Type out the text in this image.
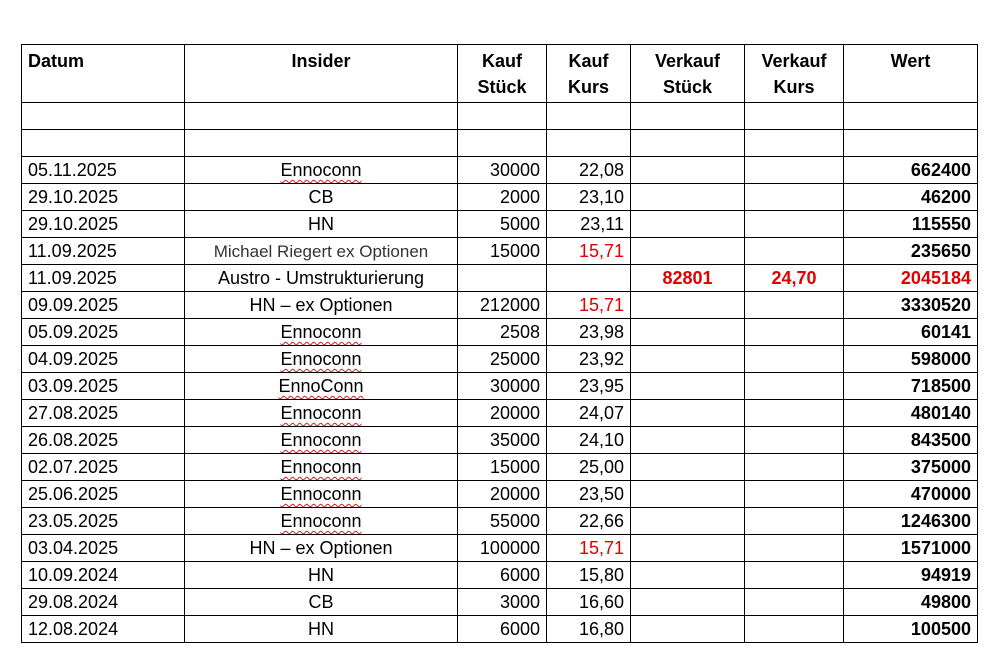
Datum	Insider	Kauf Stück	Kauf Kurs	Verkauf Stück	Verkauf Kurs	Wert

05.11.2025	Ennoconn	30000	22,08			662400
29.10.2025	CB	2000	23,10			46200
29.10.2025	HN	5000	23,11			115550
11.09.2025	Michael Riegert ex Optionen	15000	15,71			235650
11.09.2025	Austro - Umstrukturierung			82801	24,70	2045184
09.09.2025	HN – ex Optionen	212000	15,71			3330520
05.09.2025	Ennoconn	2508	23,98			60141
04.09.2025	Ennoconn	25000	23,92			598000
03.09.2025	EnnoConn	30000	23,95			718500
27.08.2025	Ennoconn	20000	24,07			480140
26.08.2025	Ennoconn	35000	24,10			843500
02.07.2025	Ennoconn	15000	25,00			375000
25.06.2025	Ennoconn	20000	23,50			470000
23.05.2025	Ennoconn	55000	22,66			1246300
03.04.2025	HN – ex Optionen	100000	15,71			1571000
10.09.2024	HN	6000	15,80			94919
29.08.2024	CB	3000	16,60			49800
12.08.2024	HN	6000	16,80			100500
